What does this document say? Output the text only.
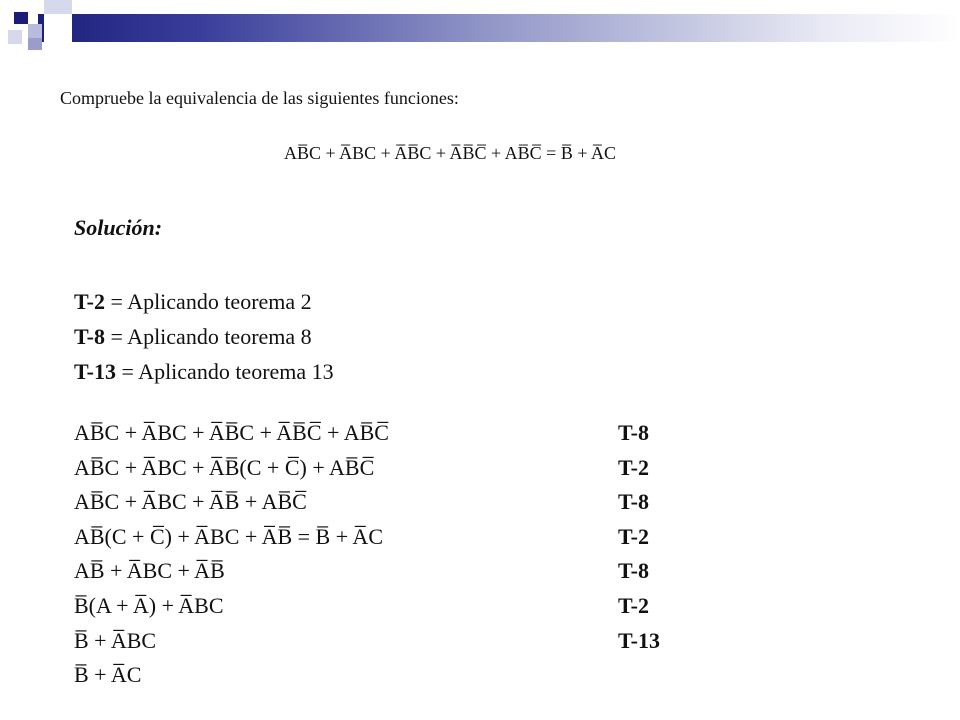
Compruebe la equivalencia de las siguientes funciones:
AB̅C + A̅BC + A̅B̅C + A̅B̅C̅ + AB̅C̅ = B̅ + A̅C
Solución:
T-2 = Aplicando teorema 2
T-8 = Aplicando teorema 8
T-13 = Aplicando teorema 13
AB̅C + A̅BC + A̅B̅C + A̅B̅C̅ + AB̅C̅	T-8
AB̅C + A̅BC + A̅B̅(C + C̅) + AB̅C̅	T-2
AB̅C + A̅BC + A̅B̅ + AB̅C̅	T-8
AB̅(C + C̅) + A̅BC + A̅B̅ = B̅ + A̅C	T-2
AB̅ + A̅BC + A̅B̅	T-8
B̅(A + A̅) + A̅BC	T-2
B̅ + A̅BC	T-13
B̅ + A̅C
